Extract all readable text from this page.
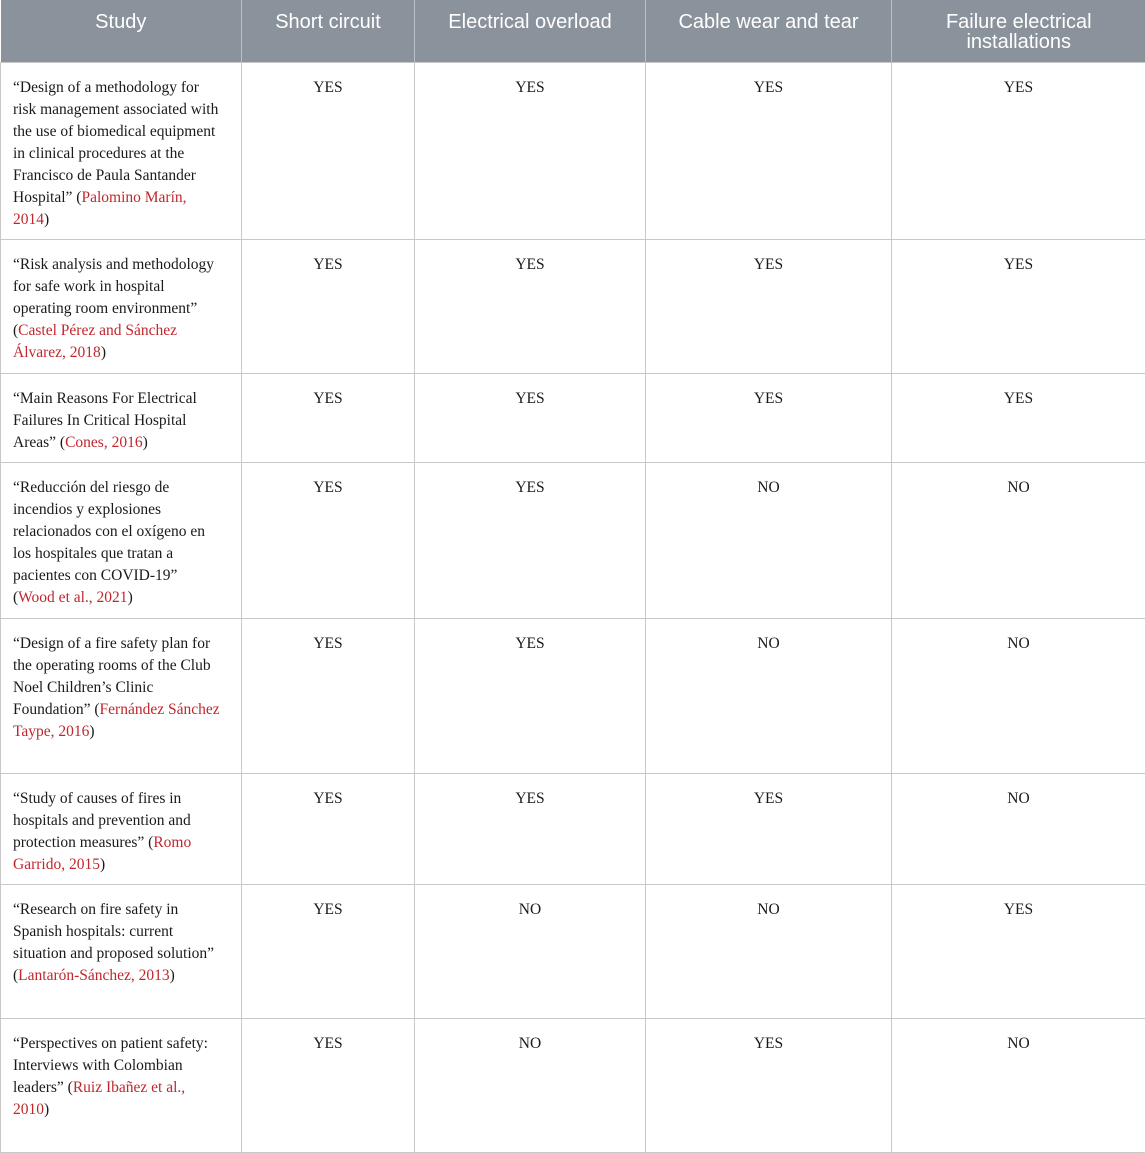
Study	Short circuit	Electrical overload	Cable wear and tear	Failure electrical installations
“Design of a methodology for risk management associated with the use of biomedical equipment in clinical procedures at the Francisco de Paula Santander Hospital” (Palomino Marín, 2014)	YES	YES	YES	YES
“Risk analysis and methodology for safe work in hospital operating room environment” (Castel Pérez and Sánchez Álvarez, 2018)	YES	YES	YES	YES
“Main Reasons For Electrical Failures In Critical Hospital Areas” (Cones, 2016)	YES	YES	YES	YES
“Reducción del riesgo de incendios y explosiones relacionados con el oxígeno en los hospitales que tratan a pacientes con COVID-19” (Wood et al., 2021)	YES	YES	NO	NO
“Design of a fire safety plan for the operating rooms of the Club Noel Children’s Clinic Foundation” (Fernández Sánchez Taype, 2016)	YES	YES	NO	NO
“Study of causes of fires in hospitals and prevention and protection measures” (Romo Garrido, 2015)	YES	YES	YES	NO
“Research on fire safety in Spanish hospitals: current situation and proposed solution” (Lantarón-Sánchez, 2013)	YES	NO	NO	YES
“Perspectives on patient safety: Interviews with Colombian leaders” (Ruiz Ibañez et al., 2010)	YES	NO	YES	NO
